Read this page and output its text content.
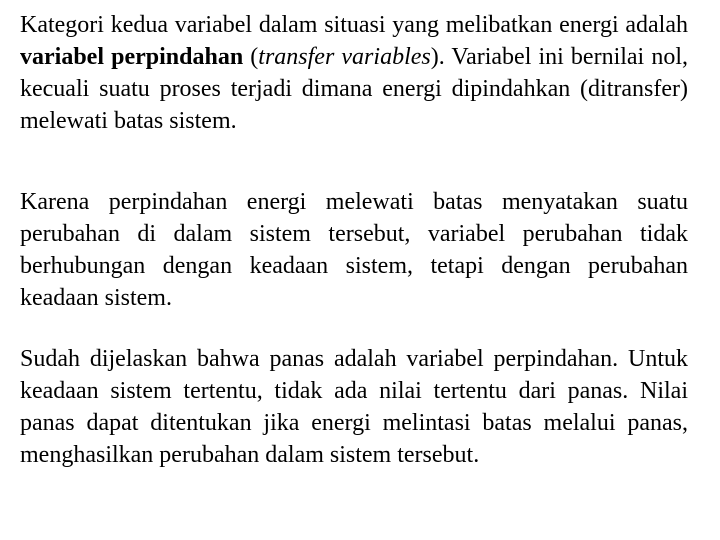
Kategori kedua variabel dalam situasi yang melibatkan energi adalah variabel perpindahan (transfer variables). Variabel ini bernilai nol, kecuali suatu proses terjadi dimana energi dipindahkan (ditransfer) melewati batas sistem.

Karena perpindahan energi melewati batas menyatakan suatu perubahan di dalam sistem tersebut, variabel perubahan tidak berhubungan dengan keadaan sistem, tetapi dengan perubahan keadaan sistem.

Sudah dijelaskan bahwa panas adalah variabel perpindahan. Untuk keadaan sistem tertentu, tidak ada nilai tertentu dari panas. Nilai panas dapat ditentukan jika energi melintasi batas melalui panas, menghasilkan perubahan dalam sistem tersebut.
